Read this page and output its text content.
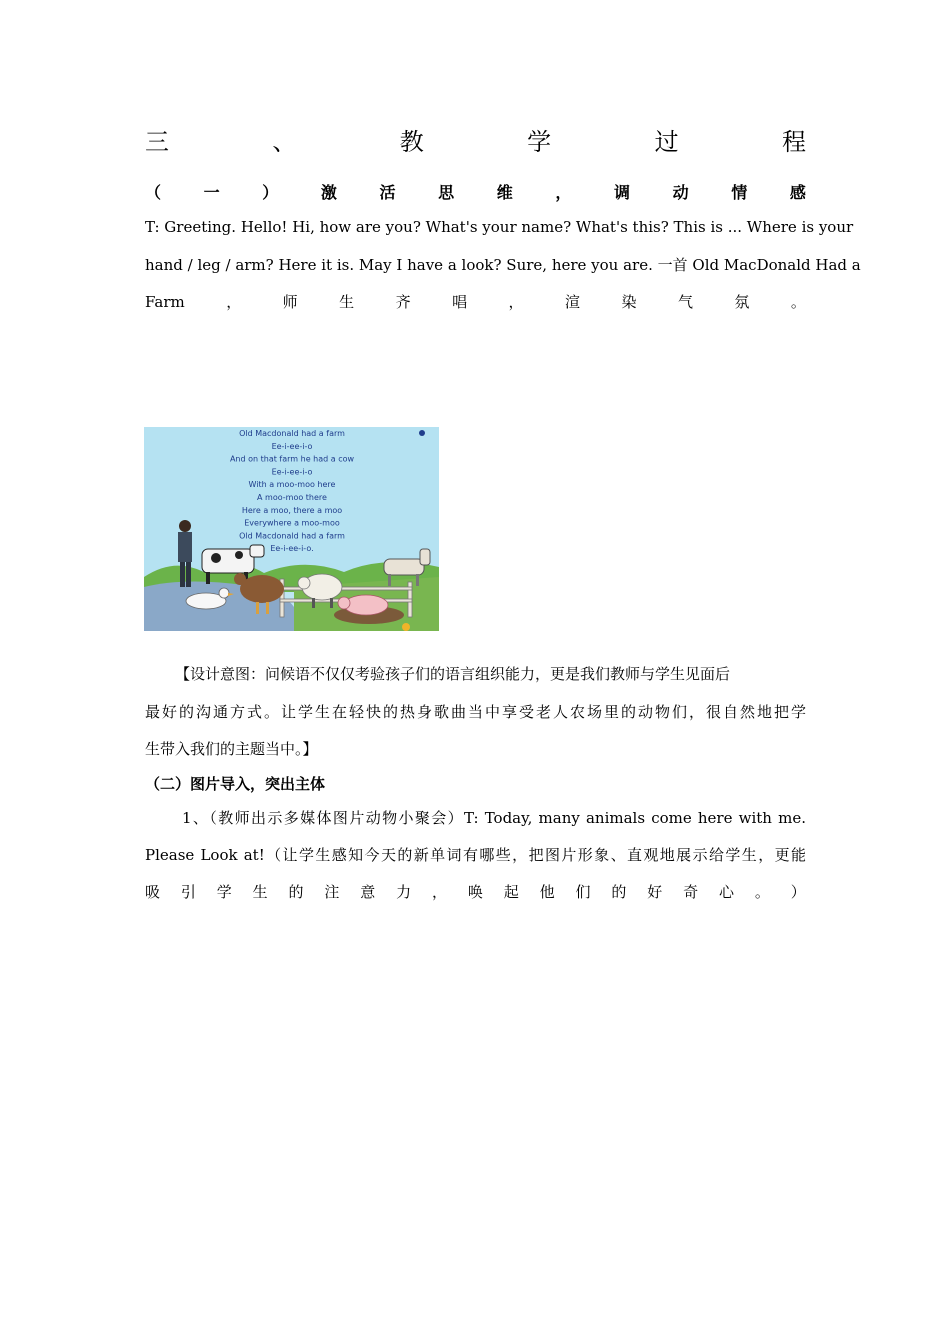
三	、	教	学	过	程
（	一	）	激	活	思	维	，	调	动	情	感
T: Greeting. Hello! Hi, how are you? What's your name? What's this? This is ... Where is your
hand / leg / arm? Here it is. May I have a look? Sure, here you are. 一首 Old MacDonald Had a
Farm	，	师	生	齐	唱	，	渲	染	气	氛	。
Old Macdonald had a farm
Ee-i-ee-i-o
And on that farm he had a cow
Ee-i-ee-i-o
With a moo-moo here
A moo-moo there
Here a moo, there a moo
Everywhere a moo-moo
Old Macdonald had a farm
Ee-i-ee-i-o.
【设计意图：问候语不仅仅考验孩子们的语言组织能力，更是我们教师与学生见面后
最好的沟通方式。让学生在轻快的热身歌曲当中享受老人农场里的动物们，很自然地把学
生带入我们的主题当中。】
（二）图片导入，突出主体
1、（教师出示多媒体图片动物小聚会）T: Today, many animals come here with me.
Please Look at!（让学生感知今天的新单词有哪些，把图片形象、直观地展示给学生，更能
吸 引 学 生 的 注 意 力 ， 唤 起 他 们 的 好 奇 心 。 ）
